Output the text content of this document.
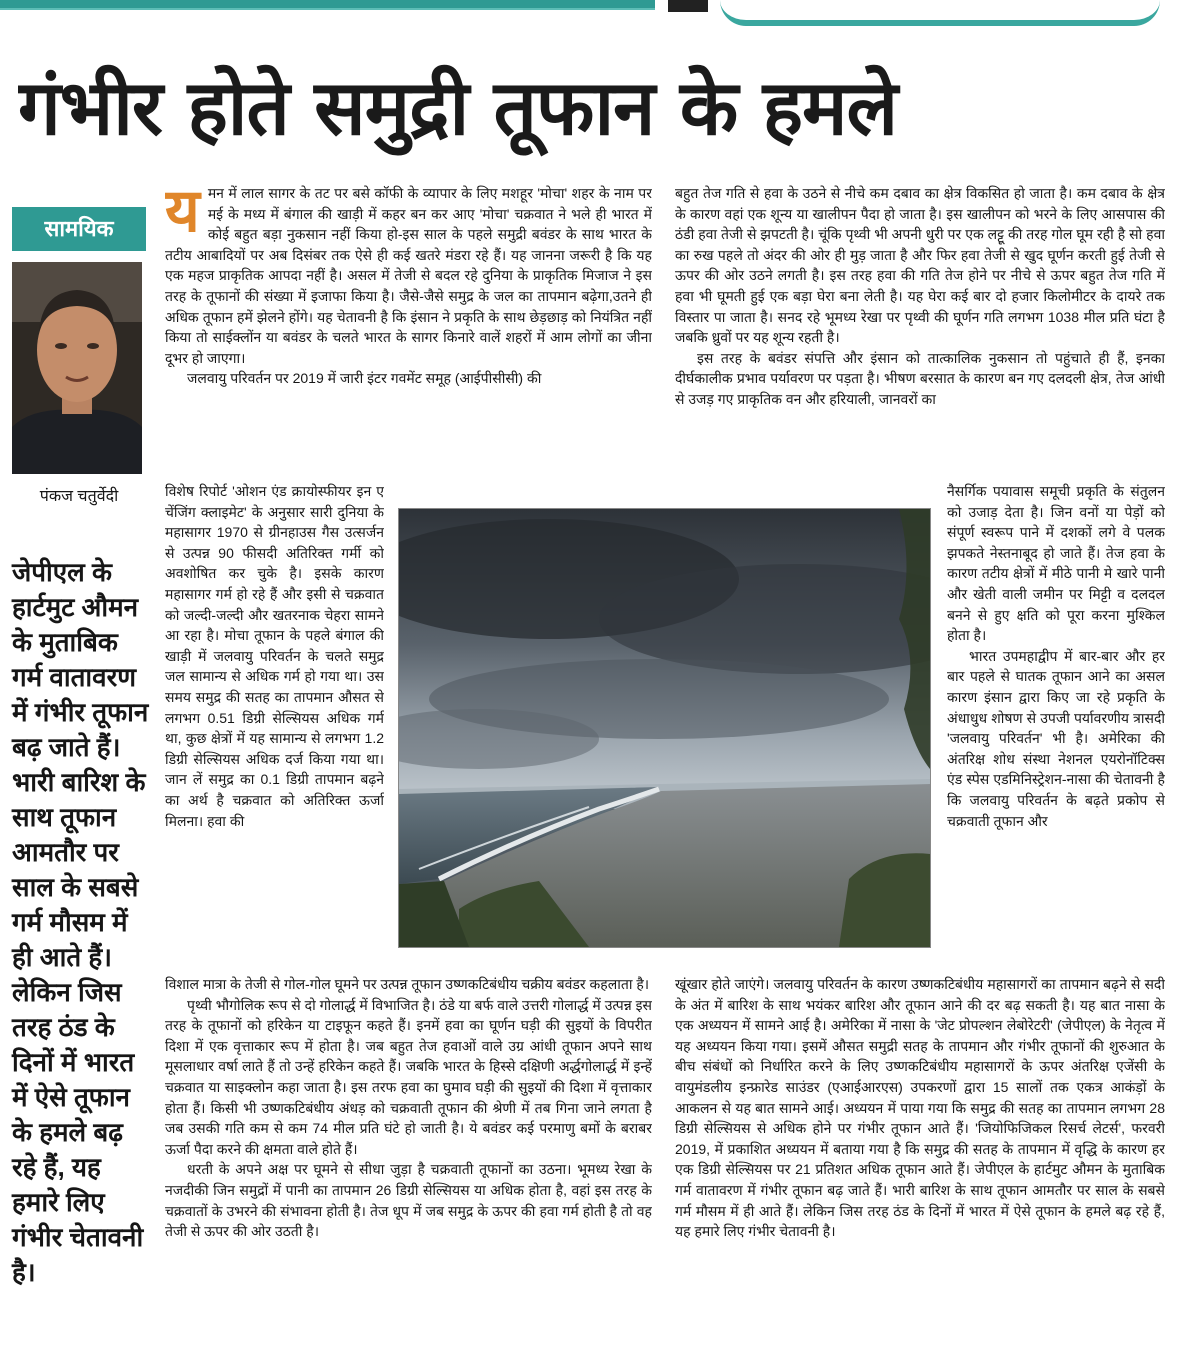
गंभीर होते समुद्री तूफान के हमले
सामयिक
पंकज चतुर्वेदी

जेपीएल के हार्टमुट औमन के मुताबिक गर्म वातावरण में गंभीर तूफान बढ़ जाते हैं। भारी बारिश के साथ तूफान आमतौर पर साल के सबसे गर्म मौसम में ही आते हैं। लेकिन जिस तरह ठंड के दिनों में भारत में ऐसे तूफान के हमले बढ़ रहे हैं, यह हमारे लिए गंभीर चेतावनी है।

य मन में लाल सागर के तट पर बसे कॉफी के व्यापार के लिए मशहूर 'मोचा' शहर के नाम पर मई के मध्य में बंगाल की खाड़ी में कहर बन कर आए 'मोचा' चक्रवात ने भले ही भारत में कोई बहुत बड़ा नुकसान नहीं किया हो-इस साल के पहले समुद्री बवंडर के साथ भारत के तटीय आबादियों पर अब दिसंबर तक ऐसे ही कई खतरे मंडरा रहे हैं। यह जानना जरूरी है कि यह एक महज प्राकृतिक आपदा नहीं है। असल में तेजी से बदल रहे दुनिया के प्राकृतिक मिजाज ने इस तरह के तूफानों की संख्या में इजाफा किया है। जैसे-जैसे समुद्र के जल का तापमान बढ़ेगा,उतने ही अधिक तूफान हमें झेलने होंगे। यह चेतावनी है कि इंसान ने प्रकृति के साथ छेड़छाड़ को नियंत्रित नहीं किया तो साईक्लोंन या बवंडर के चलते भारत के सागर किनारे वालें शहरों में आम लोगों का जीना दूभर हो जाएगा।

जलवायु परिवर्तन पर 2019 में जारी इंटर गवमेंट समूह (आईपीसीसी) की

विशेष रिपोर्ट 'ओशन एंड क्रायोस्फीयर इन ए चेंजिंग क्लाइमेट' के अनुसार सारी दुनिया के महासागर 1970 से ग्रीनहाउस गैस उत्सर्जन से उत्पन्न 90 फीसदी अतिरिक्त गर्मी को अवशोषित कर चुके है। इसके कारण महासागर गर्म हो रहे हैं और इसी से चक्रवात को जल्दी-जल्दी और खतरनाक चेहरा सामने आ रहा है। मोचा तूफान के पहले बंगाल की खाड़ी में जलवायु परिवर्तन के चलते समुद्र जल सामान्य से अधिक गर्म हो गया था। उस समय समुद्र की सतह का तापमान औसत से लगभग 0.51 डिग्री सेल्सियस अधिक गर्म था, कुछ क्षेत्रों में यह सामान्य से लगभग 1.2 डिग्री सेल्सियस अधिक दर्ज किया गया था। जान लें समुद्र का 0.1 डिग्री तापमान बढ़ने का अर्थ है चक्रवात को अतिरिक्त ऊर्जा मिलना। हवा की

विशाल मात्रा के तेजी से गोल-गोल घूमने पर उत्पन्न तूफान उष्णकटिबंधीय चक्रीय बवंडर कहलाता है।

पृथ्वी भौगोलिक रूप से दो गोलार्द्ध में विभाजित है। ठंडे या बर्फ वाले उत्तरी गोलार्द्ध में उत्पन्न इस तरह के तूफानों को हरिकेन या टाइफून कहते हैं। इनमें हवा का घूर्णन घड़ी की सुइयों के विपरीत दिशा में एक वृत्ताकार रूप में होता है। जब बहुत तेज हवाओं वाले उग्र आंधी तूफान अपने साथ मूसलाधार वर्षा लाते हैं तो उन्हें हरिकेन कहते हैं। जबकि भारत के हिस्से दक्षिणी अर्द्धगोलार्द्ध में इन्हें चक्रवात या साइक्लोन कहा जाता है। इस तरफ हवा का घुमाव घड़ी की सुइयों की दिशा में वृत्ताकार होता हैं। किसी भी उष्णकटिबंधीय अंधड़ को चक्रवाती तूफान की श्रेणी में तब गिना जाने लगता है जब उसकी गति कम से कम 74 मील प्रति घंटे हो जाती है। ये बवंडर कई परमाणु बमों के बराबर ऊर्जा पैदा करने की क्षमता वाले होते हैं।

धरती के अपने अक्ष पर घूमने से सीधा जुड़ा है चक्रवाती तूफानों का उठना। भूमध्य रेखा के नजदीकी जिन समुद्रों में पानी का तापमान 26 डिग्री सेल्सियस या अधिक होता है, वहां इस तरह के चक्रवातों के उभरने की संभावना होती है। तेज धूप में जब समुद्र के ऊपर की हवा गर्म होती है तो वह तेजी से ऊपर की ओर उठती है।

बहुत तेज गति से हवा के उठने से नीचे कम दबाव का क्षेत्र विकसित हो जाता है। कम दबाव के क्षेत्र के कारण वहां एक शून्य या खालीपन पैदा हो जाता है। इस खालीपन को भरने के लिए आसपास की ठंडी हवा तेजी से झपटती है। चूंकि पृथ्वी भी अपनी धुरी पर एक लट्टू की तरह गोल घूम रही है सो हवा का रुख पहले तो अंदर की ओर ही मुड़ जाता है और फिर हवा तेजी से खुद घूर्णन करती हुई तेजी से ऊपर की ओर उठने लगती है। इस तरह हवा की गति तेज होने पर नीचे से ऊपर बहुत तेज गति में हवा भी घूमती हुई एक बड़ा घेरा बना लेती है। यह घेरा कई बार दो हजार किलोमीटर के दायरे तक विस्तार पा जाता है। सनद रहे भूमध्य रेखा पर पृथ्वी की घूर्णन गति लगभग 1038 मील प्रति घंटा है जबकि ध्रुवों पर यह शून्य रहती है।

इस तरह के बवंडर संपत्ति और इंसान को तात्कालिक नुकसान तो पहुंचाते ही हैं, इनका दीर्घकालीक प्रभाव पर्यावरण पर पड़ता है। भीषण बरसात के कारण बन गए दलदली क्षेत्र, तेज आंधी से उजड़ गए प्राकृतिक वन और हरियाली, जानवरों का

नैसर्गिक पयावास समूची प्रकृति के संतुलन को उजाड़ देता है। जिन वनों या पेड़ों को संपूर्ण स्वरूप पाने में दशकों लगे वे पलक झपकते नेस्तनाबूद हो जाते हैं। तेज हवा के कारण तटीय क्षेत्रों में मीठे पानी मे खारे पानी और खेती वाली जमीन पर मिट्टी व दलदल बनने से हुए क्षति को पूरा करना मुश्किल होता है।

भारत उपमहाद्वीप में बार-बार और हर बार पहले से घातक तूफान आने का असल कारण इंसान द्वारा किए जा रहे प्रकृति के अंधाधुध शोषण से उपजी पर्यावरणीय त्रासदी 'जलवायु परिवर्तन' भी है। अमेरिका की अंतरिक्ष शोध संस्था नेशनल एयरोनॉटिक्स एंड स्पेस एडमिनिस्ट्रेशन-नासा की चेतावनी है कि जलवायु परिवर्तन के बढ़ते प्रकोप से चक्रवाती तूफान और

खूंखार होते जाएंगे। जलवायु परिवर्तन के कारण उष्णकटिबंधीय महासागरों का तापमान बढ़ने से सदी के अंत में बारिश के साथ भयंकर बारिश और तूफान आने की दर बढ़ सकती है। यह बात नासा के एक अध्ययन में सामने आई है। अमेरिका में नासा के 'जेट प्रोपल्शन लेबोरेटरी' (जेपीएल) के नेतृत्व में यह अध्ययन किया गया। इसमें औसत समुद्री सतह के तापमान और गंभीर तूफानों की शुरुआत के बीच संबंधों को निर्धारित करने के लिए उष्णकटिबंधीय महासागरों के ऊपर अंतरिक्ष एजेंसी के वायुमंडलीय इन्फ्रारेड साउंडर (एआईआरएस) उपकरणों द्वारा 15 सालों तक एकत्र आकंड़ों के आकलन से यह बात सामने आई। अध्ययन में पाया गया कि समुद्र की सतह का तापमान लगभग 28 डिग्री सेल्सियस से अधिक होने पर गंभीर तूफान आते हैं। 'जियोफिजिकल रिसर्च लेटर्स', फरवरी 2019, में प्रकाशित अध्ययन में बताया गया है कि समुद्र की सतह के तापमान में वृद्धि के कारण हर एक डिग्री सेल्सियस पर 21 प्रतिशत अधिक तूफान आते हैं। जेपीएल के हार्टमुट औमन के मुताबिक गर्म वातावरण में गंभीर तूफान बढ़ जाते हैं। भारी बारिश के साथ तूफान आमतौर पर साल के सबसे गर्म मौसम में ही आते हैं। लेकिन जिस तरह ठंड के दिनों में भारत में ऐसे तूफान के हमले बढ़ रहे हैं, यह हमारे लिए गंभीर चेतावनी है।
